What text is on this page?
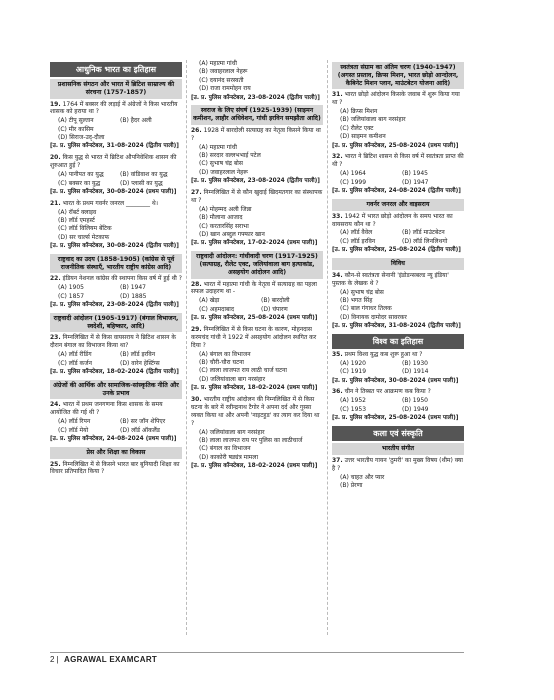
आधुनिक भारत का इतिहास
प्रशासनिक संगठन और भारत में ब्रिटिश साम्राज्य की संरचना (1757-1857)
19. 1764 में बक्सर की लड़ाई में अंग्रेजों ने किस भारतीय शासक को हराया था ?
(A) टीपू सुल्तान	(B) हैदर अली
(C) मीर कासिम
(D) सिराज-उद्-दौला
[उ. प्र. पुलिस कॉन्स्टेबल, 31-08-2024 (द्वितीय पाली)]
20. किस युद्ध से भारत में ब्रिटिश औपनिवेशिक शासन की शुरुआत हुई ?
(A) पानीपत का युद्ध	(B) वांडिवाश का युद्ध
(C) बक्सर का युद्ध	(D) प्लासी का युद्ध
[उ. प्र. पुलिस कॉन्स्टेबल, 30-08-2024 (प्रथम पाली)]
21. भारत के प्रथम गवर्नर जनरल ________ थे।
(A) रॉबर्ट क्लाइव
(B) लॉर्ड एमहर्स्ट
(C) लॉर्ड विलियम बेंटिक
(D) सर चार्ल्स मेटकाफ
[उ. प्र. पुलिस कॉन्स्टेबल, 30-08-2024 (द्वितीय पाली)]
राष्ट्रवाद का उदय (1858-1905) (कांग्रेस से पूर्व राजनीतिक संस्थाएँ, भारतीय राष्ट्रीय कांग्रेस आदि)
22. इंडियन नेशनल कांग्रेस की स्थापना किस वर्ष में हुई थी ?
(A) 1905	(B) 1947
(C) 1857	(D) 1885
[उ. प्र. पुलिस कॉन्स्टेबल, 23-08-2024 (द्वितीय पाली)]
राष्ट्रवादी आंदोलन (1905-1917) (बंगाल विभाजन, स्वदेशी, बहिष्कार, आदि)
23. निम्नलिखित में से किस वायसराय ने ब्रिटिश शासन के दौरान बंगाल का विभाजन किया था?
(A) लॉर्ड रीडिंग	(B) लॉर्ड इरविन
(C) लॉर्ड कर्जन	(D) वारेन हेस्टिंग्स
[उ. प्र. पुलिस कॉन्स्टेबल, 18-02-2024 (द्वितीय पाली)]
अंग्रेजों की आर्थिक और सामाजिक-सांस्कृतिक नीति और उनके प्रभाव
24. भारत में प्रथम जनगणना किस शासक के समय आयोजित की गई थी ?
(A) लॉर्ड रिपन	(B) सर जॉन शेपिएर
(C) लॉर्ड मेयो	(D) लॉर्ड ऑकलैंड
[उ. प्र. पुलिस कॉन्स्टेबल, 24-08-2024 (प्रथम पाली)]
प्रेस और शिक्षा का विकास
25. निम्नलिखित में से किसने भारत बार बुनियादी शिक्षा का विचार प्रतिपादित किया ?
(A) महात्मा गांधी
(B) जवाहरलाल नेहरू
(C) दयानंद सरस्वती
(D) राजा राममोहन राय
[उ. प्र. पुलिस कॉन्स्टेबल, 23-08-2024 (द्वितीय पाली)]
स्वराज के लिए संघर्ष (1925-1939) (साइमन कमीशन, लाहौर अधिवेशन, गांधी इरविन समझौता आदि)
26. 1928 में बारदोली सत्याग्रह का नेतृत्व किसने किया था ?
(A) महात्मा गांधी
(B) सरदार वल्लभभाई पटेल
(C) सुभाष चंद्र बोस
(D) जवाहरलाल नेहरू
[उ. प्र. पुलिस कॉन्स्टेबल, 23-08-2024 (द्वितीय पाली)]
27. निम्नलिखित में से कौन खुदाई खिदमतगार का संस्थापक था ?
(A) मोहम्मद अली जिन्ना
(B) मौलाना आजाद
(C) करतारसिंह सराभा
(D) खान अब्दुल गफ्फार खान
[उ. प्र. पुलिस कॉन्स्टेबल, 17-02-2024 (प्रथम पाली)]
राष्ट्रवादी आंदोलन: गांधीवादी चरण (1917-1925) (सत्याग्रह, रौलेट एक्ट, जलियांवाला बाग हत्याकांड, असहयोग आंदोलन आदि)
28. भारत में महात्मा गांधी के नेतृत्व में सत्याग्रह का पहला सफल उदाहरण था -
(A) खेड़ा	(B) बारदोली
(C) अहमदाबाद	(D) चंपारण
[उ. प्र. पुलिस कॉन्स्टेबल, 25-08-2024 (प्रथम पाली)]
29. निम्नलिखित में से किस घटना के कारण, मोहनदास करमचंद गांधी ने 1922 में असहयोग आंदोलन स्थगित कर दिया ?
(A) बंगाल का विभाजन
(B) चौरी-चौरा घटना
(C) लाला लाजपत राय लाठी चार्ज घटना
(D) जलियांवाला बाग नरसंहार
[उ. प्र. पुलिस कॉन्स्टेबल, 18-02-2024 (प्रथम पाली)]
30. भारतीय राष्ट्रीय आंदोलन की निम्नलिखित में से किस घटना के बारे में रवीन्द्रनाथ टैगोर ने अपना दर्द और गुस्सा व्यक्त किया था और अपनी 'नाइटहुड' का त्याग कर दिया था ?
(A) जलियांवाला बाग नरसंहार
(B) लाला लाजपत राय पर पुलिस का लाठीचार्ज
(C) बंगाल का विभाजन
(D) काकोरी षड्यंत्र मामला
[उ. प्र. पुलिस कॉन्स्टेबल, 18-02-2024 (प्रथम पाली)]
स्वतंत्रता संग्राम का अंतिम चरण (1940-1947) (अगस्त प्रस्ताव, क्रिप्स मिशन, भारत छोड़ो आन्दोलन, कैबिनेट मिशन प्लान, माउंटबेटन योजना आदि)
31. भारत छोड़ो आंदोलन किसके जवाब में शुरू किया गया था ?
(A) क्रिप्स मिशन
(B) जलियांवाला बाग नरसंहार
(C) रौलेट एक्ट
(D) साइमन कमीशन
[उ. प्र. पुलिस कॉन्स्टेबल, 25-08-2024 (प्रथम पाली)]
32. भारत ने ब्रिटिश शासन से किस वर्ष में स्वतंत्रता प्राप्त की थी ?
(A) 1964	(B) 1945
(C) 1999	(D) 1947
[उ. प्र. पुलिस कॉन्स्टेबल, 24-08-2024 (द्वितीय पाली)]
गवर्नर जनरल और वाइसराय
33. 1942 में भारत छोड़ो आंदोलन के समय भारत का वायसराय कौन था ?
(A) लॉर्ड वैवेल	(B) लॉर्ड माउंटबेटन
(C) लॉर्ड इरविन	(D) लॉर्ड लिनलिथगो
[उ. प्र. पुलिस कॉन्स्टेबल, 25-08-2024 (द्वितीय पाली)]
विविध
34. कौन-से स्वतंत्रता सेनानी 'इंडोडन्सबल्ड न्यू इंडिया' पुस्तक के लेखक थे ?
(A) सुभाष चंद्र बोस
(B) भगत सिंह
(C) बाल गंगाधर तिलक
(D) विनायक दामोदर सावरकर
[उ. प्र. पुलिस कॉन्स्टेबल, 31-08-2024 (द्वितीय पाली)]
विश्व का इतिहास
35. प्रथम विश्व युद्ध कब शुरू हुआ था ?
(A) 1920	(B) 1930
(C) 1919	(D) 1914
[उ. प्र. पुलिस कॉन्स्टेबल, 30-08-2024 (प्रथम पाली)]
36. चीन ने तिब्बत पर आक्रमण कब किया ?
(A) 1952	(B) 1950
(C) 1953	(D) 1949
[उ. प्र. पुलिस कॉन्स्टेबल, 25-08-2024 (प्रथम पाली)]
कला एवं संस्कृति
भारतीय संगीत
37. उत्तर भारतीय गायन 'ठुमरी' का मुख्य विषय (थीम) क्या है ?
(A) चाहत और प्यार
(B) प्रेरणा
2 | AGRAWAL EXAMCART
